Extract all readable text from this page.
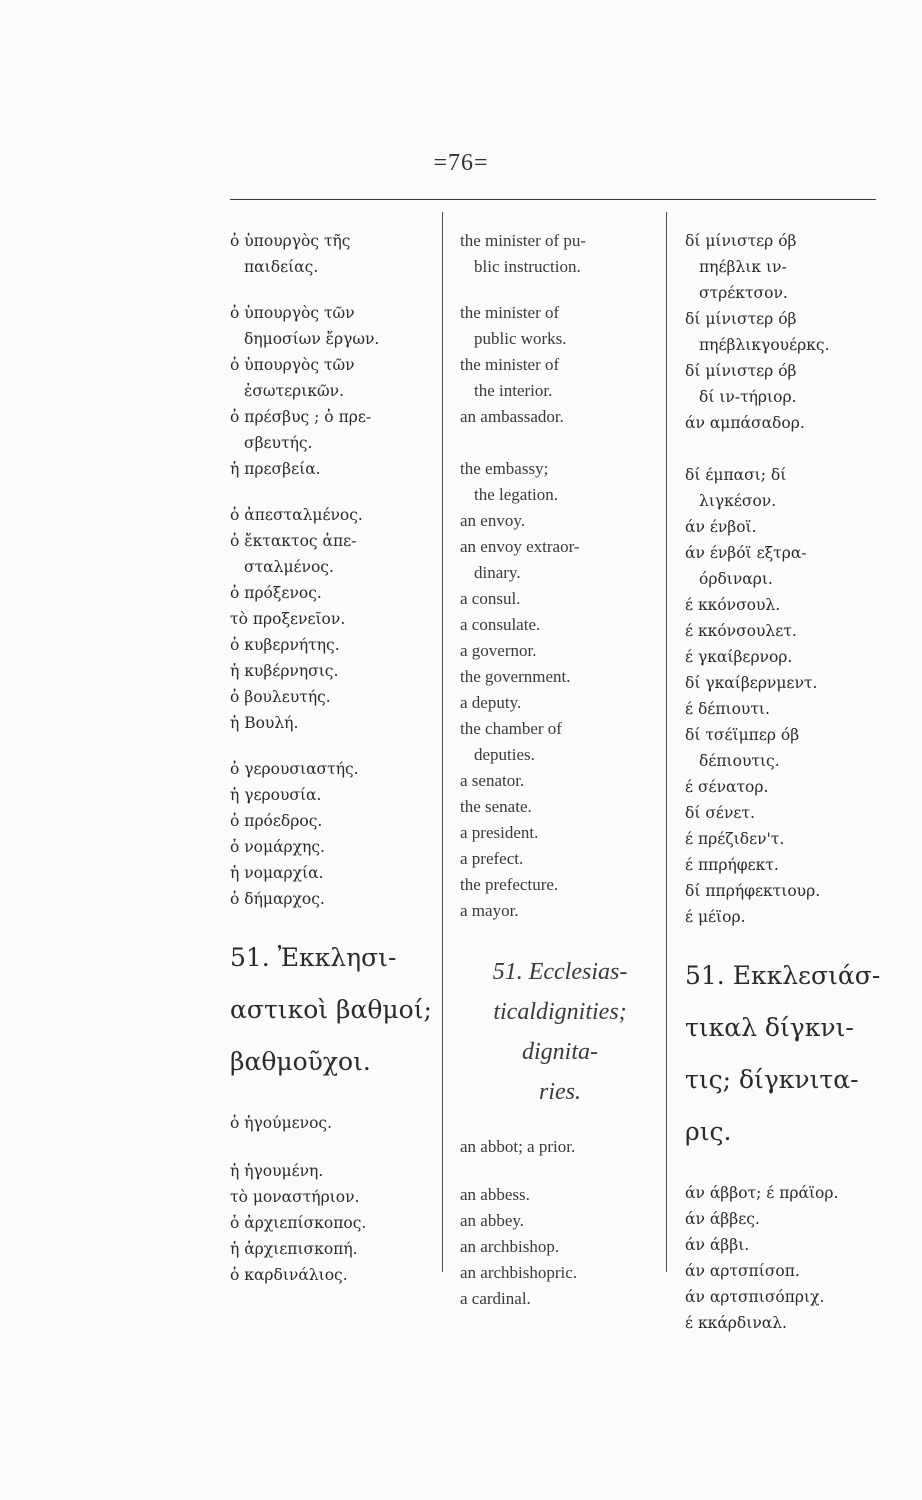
=76=
ὁ ὑπουργὸς τῆς
παιδείας.
ὁ ὑπουργὸς τῶν
δημοσίων ἔργων.
ὁ ὑπουργὸς τῶν
ἐσωτερικῶν.
ὁ πρέσβυς ; ὁ πρε-
σβευτής.
ἡ πρεσβεία.
ὁ ἀπεσταλμένος.
ὁ ἔκτακτος ἀπε-
σταλμένος.
ὁ πρόξενος.
τὸ προξενεῖον.
ὁ κυβερνήτης.
ἡ κυβέρνησις.
ὁ βουλευτής.
ἡ Βουλή.
ὁ γερουσιαστής.
ἡ γερουσία.
ὁ πρόεδρος.
ὁ νομάρχης.
ἡ νομαρχία.
ὁ δήμαρχος.
51. Ἐκκλησι-
αστικοὶ βαθμοί;
βαθμοῦχοι.
ὁ ἡγούμενος.
ἡ ἡγουμένη.
τὸ μοναστήριον.
ὁ ἀρχιεπίσκοπος.
ἡ ἀρχιεπισκοπή.
ὁ καρδινάλιος.
the minister of pu-
blic instruction.
the minister of
public works.
the minister of
the interior.
an ambassador.
the embassy;
the legation.
an envoy.
an envoy extraor-
dinary.
a consul.
a consulate.
a governor.
the government.
a deputy.
the chamber of
deputies.
a senator.
the senate.
a president.
a prefect.
the prefecture.
a mayor.
51. Ecclesias-
ticaldignities;
dignita-
ries.
an abbot; a prior.
an abbess.
an abbey.
an archbishop.
an archbishopric.
a cardinal.
δί μίνιστερ όβ
πηέβλικ ιν-
στρέκτσον.
δί μίνιστερ όβ
πηέβλικγουέρκς.
δί μίνιστερ όβ
δί ιν-τήριορ.
άν αμπάσαδορ.
δί έμπασι; δί
λιγκέσον.
άν ένβοϊ.
άν ένβόϊ εξτρα-
όρδιναρι.
έ κκόνσουλ.
έ κκόνσουλετ.
έ γκαίβερνορ.
δί γκαίβερνμεντ.
έ δέπιουτι.
δί τσέϊμπερ όβ
δέπιουτις.
έ σένατορ.
δί σένετ.
έ πρέζιδεν'τ.
έ ππρήφεκτ.
δί ππρήφεκτιουρ.
έ μέϊορ.
51. Εκκλεσιάσ-
τικαλ δίγκνι-
τις; δίγκνιτα-
ρις.
άν άββοτ; έ πράϊορ.
άν άββες.
άν άββι.
άν αρτσπίσοπ.
άν αρτσπισόπριχ.
έ κκάρδιναλ.
